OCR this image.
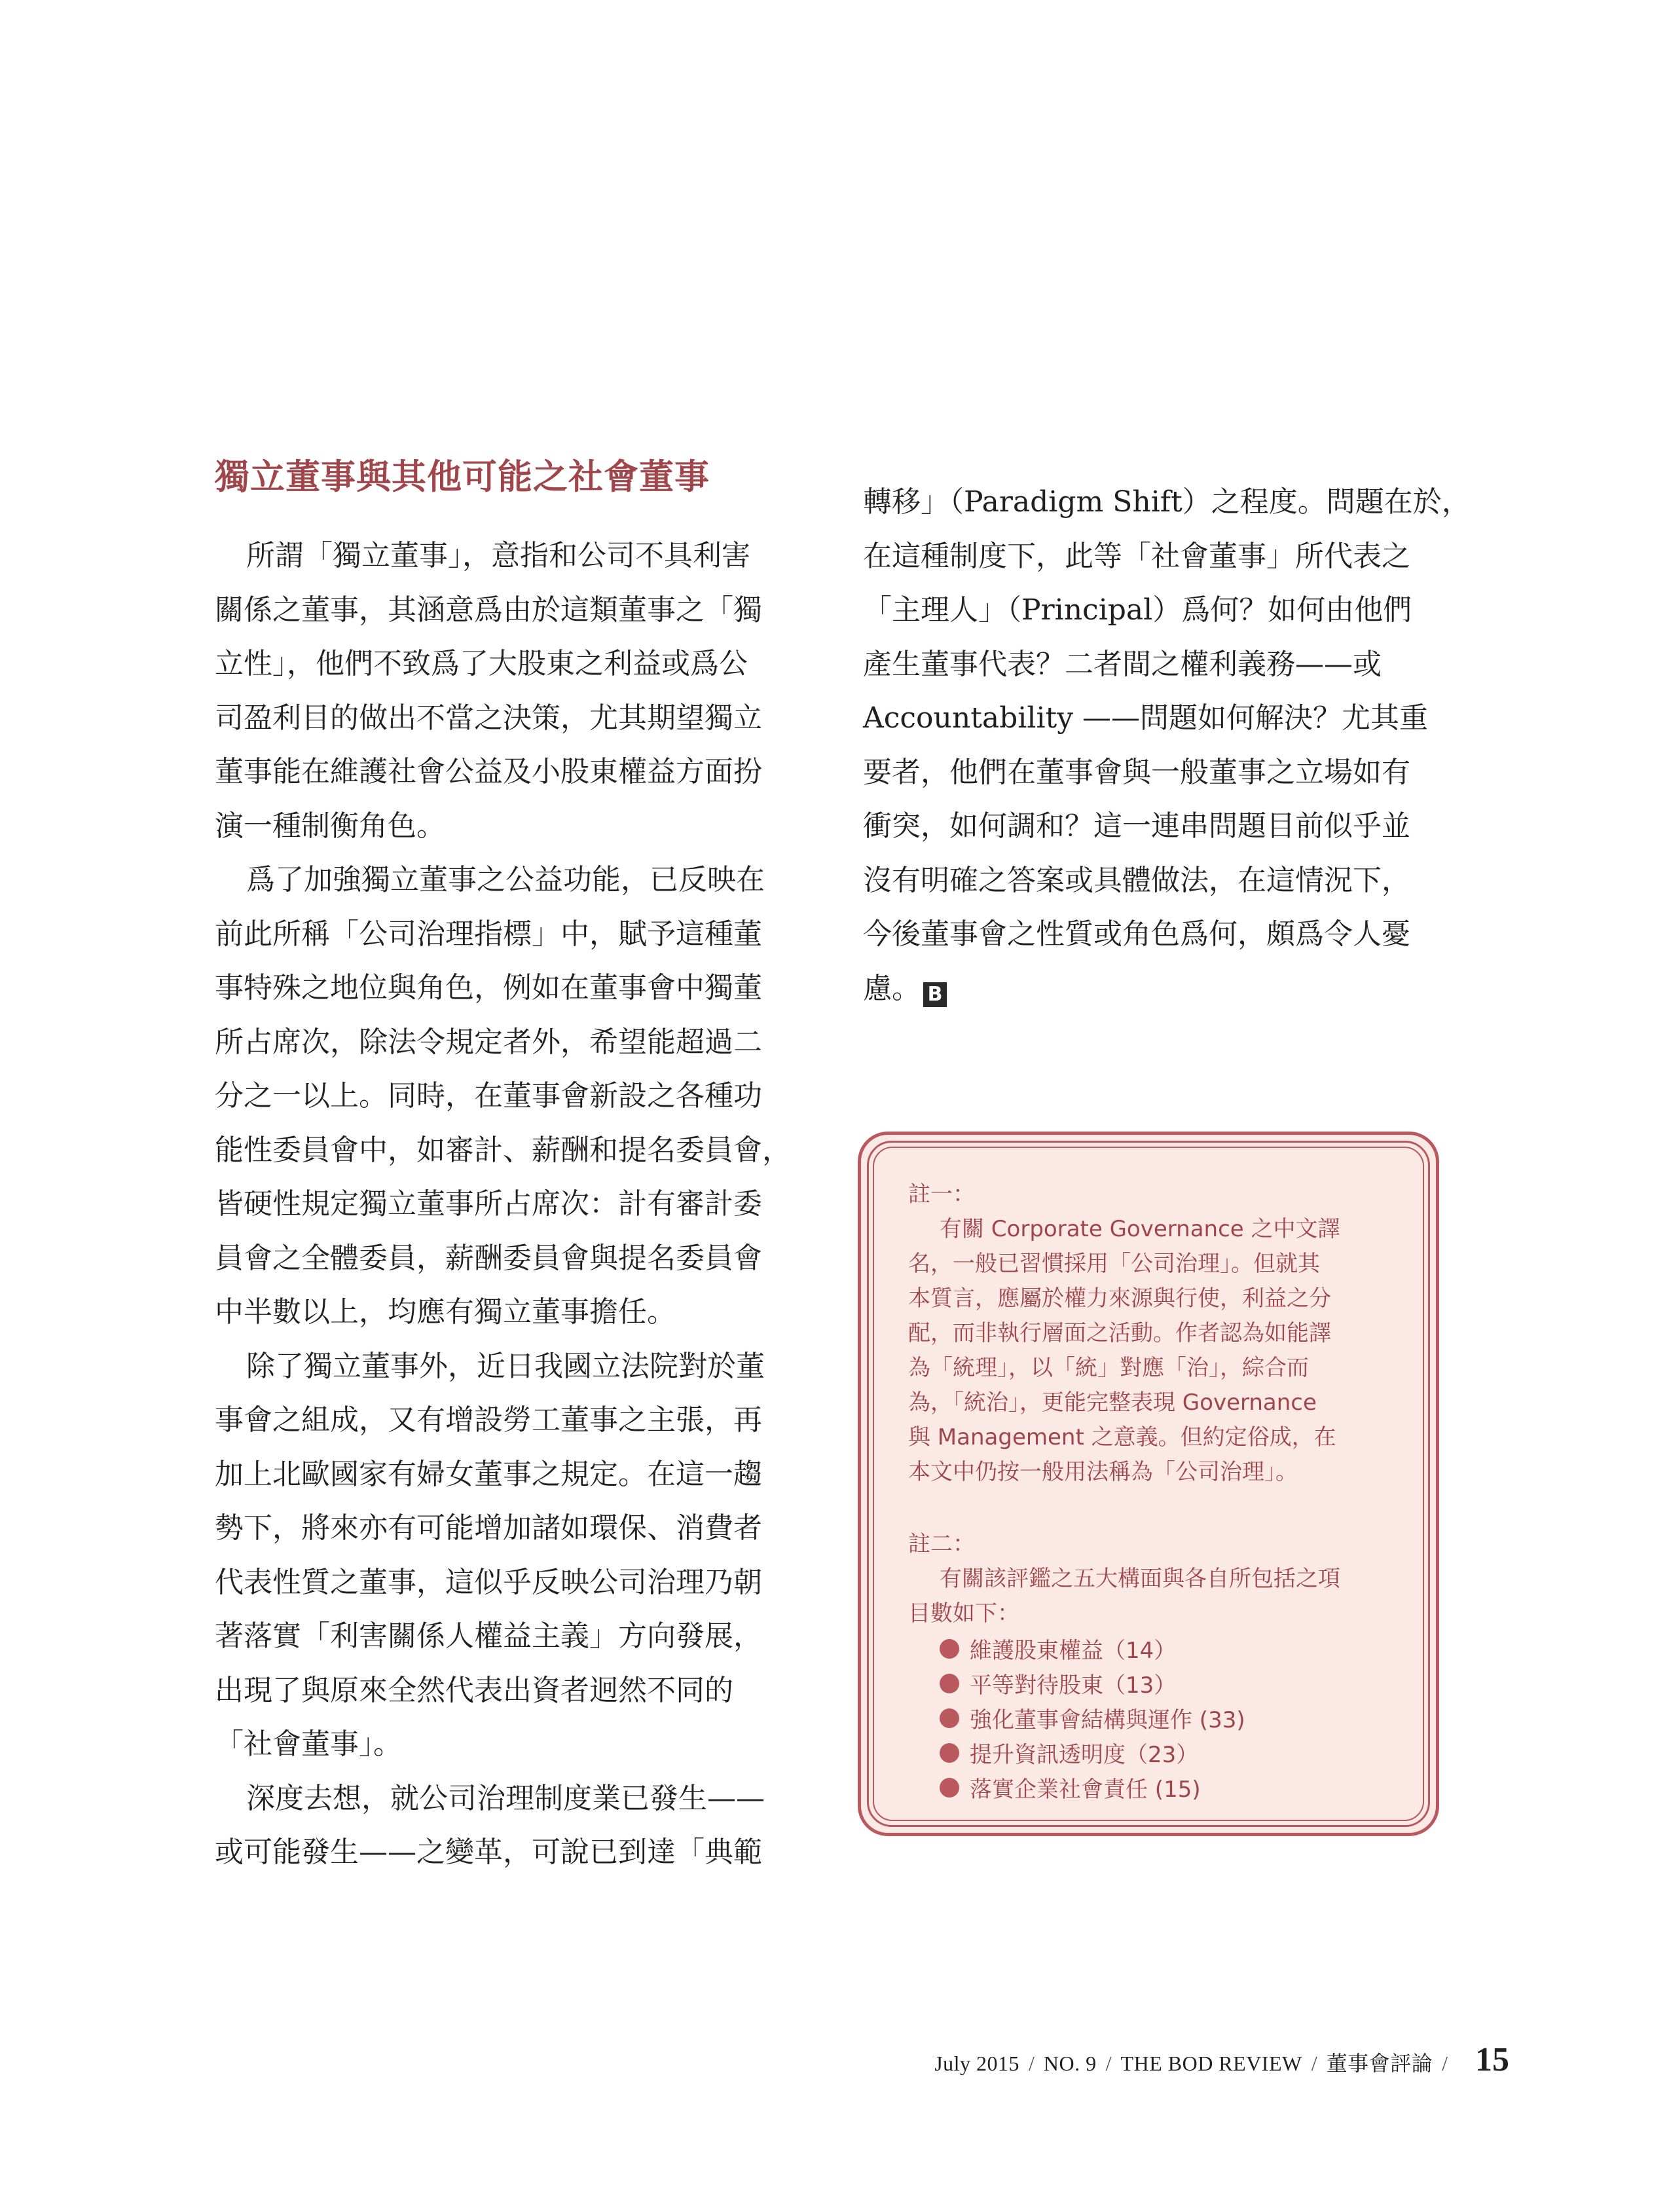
獨立董事與其他可能之社會董事

所謂「獨立董事」，意指和公司不具利害
關係之董事，其涵意爲由於這類董事之「獨
立性」，他們不致爲了大股東之利益或爲公
司盈利目的做出不當之決策，尤其期望獨立
董事能在維護社會公益及小股東權益方面扮
演一種制衡角色。

爲了加強獨立董事之公益功能，已反映在
前此所稱「公司治理指標」中，賦予這種董
事特殊之地位與角色，例如在董事會中獨董
所占席次，除法令規定者外，希望能超過二
分之一以上。同時，在董事會新設之各種功
能性委員會中，如審計、薪酬和提名委員會，
皆硬性規定獨立董事所占席次：計有審計委
員會之全體委員，薪酬委員會與提名委員會
中半數以上，均應有獨立董事擔任。

除了獨立董事外，近日我國立法院對於董
事會之組成，又有增設勞工董事之主張，再
加上北歐國家有婦女董事之規定。在這一趨
勢下，將來亦有可能增加諸如環保、消費者
代表性質之董事，這似乎反映公司治理乃朝
著落實「利害關係人權益主義」方向發展，
出現了與原來全然代表出資者迥然不同的
「社會董事」。

深度去想，就公司治理制度業已發生——
或可能發生——之變革，可說已到達「典範

轉移」（Paradigm Shift）之程度。問題在於，
在這種制度下，此等「社會董事」所代表之
「主理人」（Principal）爲何？如何由他們
產生董事代表？二者間之權利義務——或
Accountability ——問題如何解決？尤其重
要者，他們在董事會與一般董事之立場如有
衝突，如何調和？這一連串問題目前似乎並
沒有明確之答案或具體做法，在這情況下，
今後董事會之性質或角色爲何，頗爲令人憂
慮。 B

註一：
有關 Corporate Governance 之中文譯
名，一般已習慣採用「公司治理」。但就其
本質言，應屬於權力來源與行使，利益之分
配，而非執行層面之活動。作者認為如能譯
為「統理」，以「統」對應「治」，綜合而
為，「統治」，更能完整表現 Governance
與 Management 之意義。但約定俗成，在
本文中仍按一般用法稱為「公司治理」。
註二：
有關該評鑑之五大構面與各自所包括之項
目數如下：
維護股東權益（14）
平等對待股東（13）
強化董事會結構與運作 (33)
提升資訊透明度（23）
落實企業社會責任 (15)
July 2015 / NO. 9 / THE BOD REVIEW / 董事會評論 / 15
